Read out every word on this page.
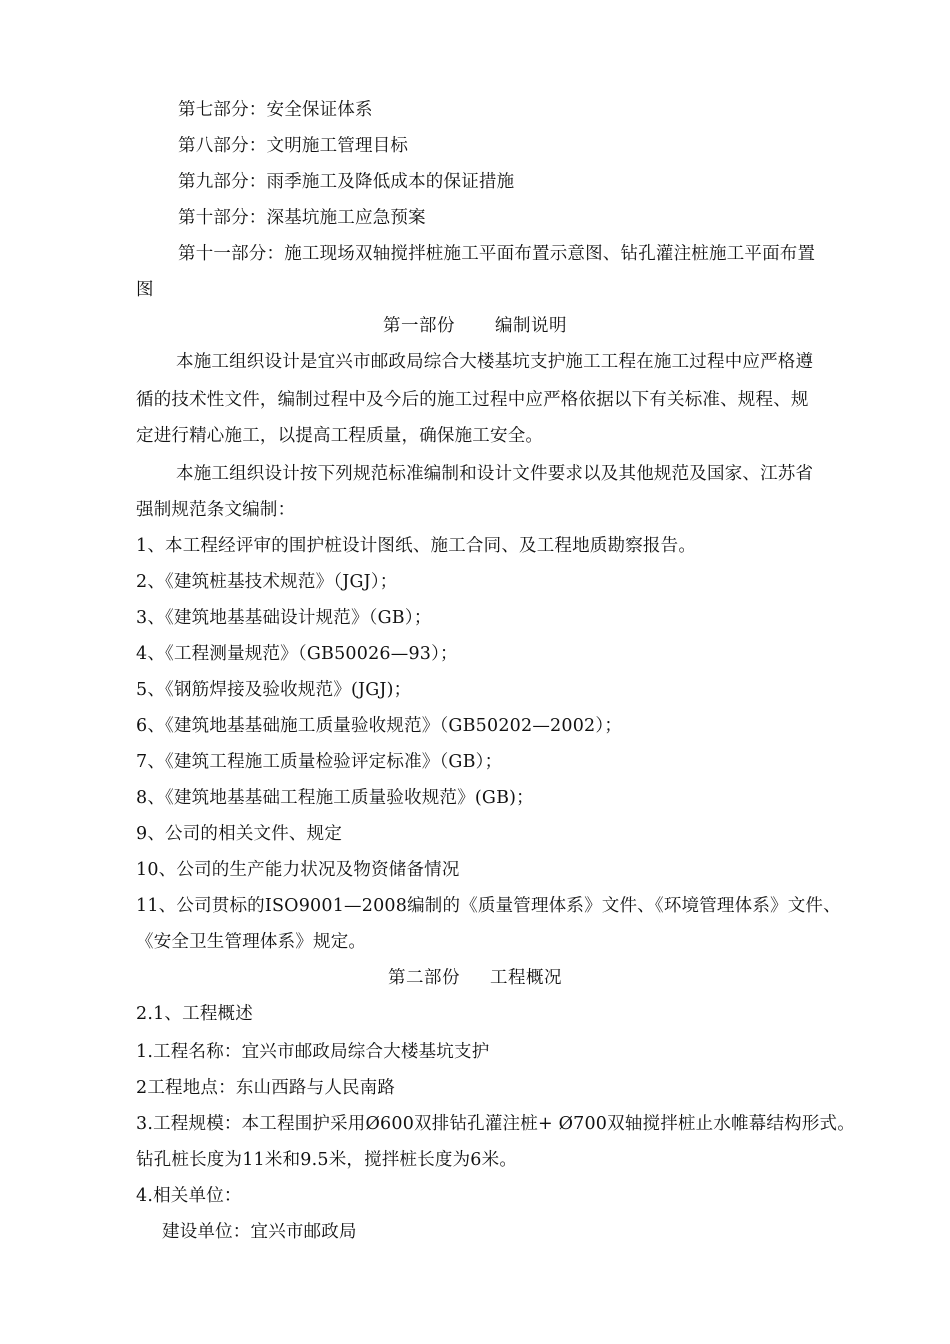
第七部分：安全保证体系
第八部分：文明施工管理目标
第九部分：雨季施工及降低成本的保证措施
第十部分：深基坑施工应急预案
第十一部分：施工现场双轴搅拌桩施工平面布置示意图、钻孔灌注桩施工平面布置
图
第一部份 编制说明
本施工组织设计是宜兴市邮政局综合大楼基坑支护施工工程在施工过程中应严格遵
循的技术性文件，编制过程中及今后的施工过程中应严格依据以下有关标准、规程、规
定进行精心施工，以提高工程质量，确保施工安全。
本施工组织设计按下列规范标准编制和设计文件要求以及其他规范及国家、江苏省
强制规范条文编制：
1、本工程经评审的围护桩设计图纸、施工合同、及工程地质勘察报告。
2、《建筑桩基技术规范》（JGJ）；
3、《建筑地基基础设计规范》（GB）；
4、《工程测量规范》（GB50026—93）；
5、《钢筋焊接及验收规范》(JGJ)；
6、《建筑地基基础施工质量验收规范》（GB50202—2002）；
7、《建筑工程施工质量检验评定标准》（GB）；
8、《建筑地基基础工程施工质量验收规范》(GB)；
9、公司的相关文件、规定
10、公司的生产能力状况及物资储备情况
11、公司贯标的ISO9001—2008编制的《质量管理体系》文件、《环境管理体系》文件、
《安全卫生管理体系》规定。
第二部份 工程概况
2.1、工程概述
1.工程名称：宜兴市邮政局综合大楼基坑支护
2工程地点：东山西路与人民南路
3.工程规模：本工程围护采用Ø600双排钻孔灌注桩+ Ø700双轴搅拌桩止水帷幕结构形式。
钻孔桩长度为11米和9.5米，搅拌桩长度为6米。
4.相关单位：
建设单位：宜兴市邮政局
